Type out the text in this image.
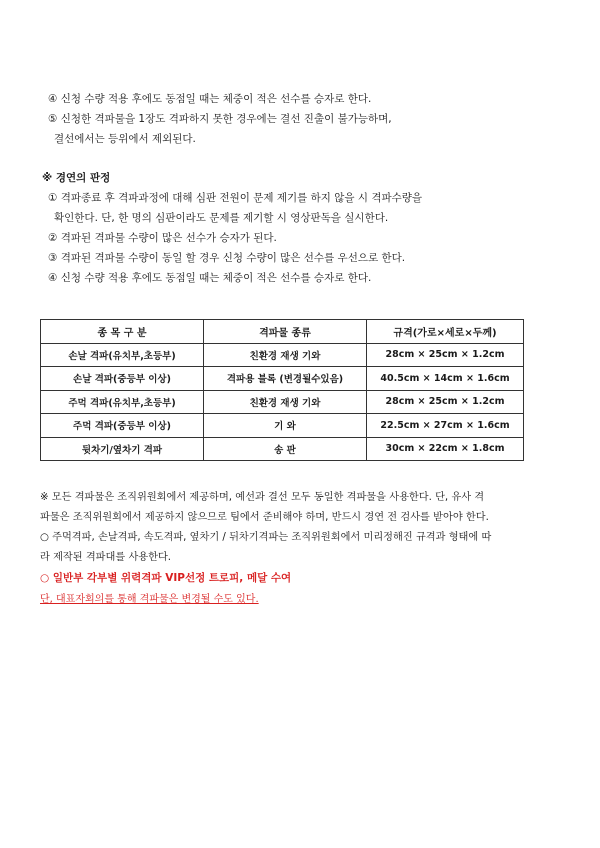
④ 신청 수량 적용 후에도 동점일 때는 체중이 적은 선수를 승자로 한다.
⑤ 신청한 격파물을 1장도 격파하지 못한 경우에는 결선 진출이 불가능하며,
결선에서는 등위에서 제외된다.
※ 경연의 판정
① 격파종료 후 격파과정에 대해 심판 전원이 문제 제기를 하지 않을 시 격파수량을
확인한다. 단, 한 명의 심판이라도 문제를 제기할 시 영상판독을 실시한다.
② 격파된 격파물 수량이 많은 선수가 승자가 된다.
③ 격파된 격파물 수량이 동일 할 경우 신청 수량이 많은 선수를 우선으로 한다.
④ 신청 수량 적용 후에도 동점일 때는 체중이 적은 선수를 승자로 한다.
종 목 구 분	격파물 종류	규격(가로×세로×두께)
손날 격파(유치부,초등부)	친환경 재생 기와	28cm × 25cm × 1.2cm
손날 격파(중등부 이상)	격파용 블록 (변경될수있음)	40.5cm × 14cm × 1.6cm
주먹 격파(유치부,초등부)	친환경 재생 기와	28cm × 25cm × 1.2cm
주먹 격파(중등부 이상)	기 와	22.5cm × 27cm × 1.6cm
뒷차기/옆차기 격파	송 판	30cm × 22cm × 1.8cm
※ 모든 격파물은 조직위원회에서 제공하며, 예선과 결선 모두 동일한 격파물을 사용한다. 단, 유사 격
파물은 조직위원회에서 제공하지 않으므로 팀에서 준비해야 하며, 반드시 경연 전 검사를 받아야 한다.
○ 주먹격파, 손날격파, 속도격파, 옆차기 / 뒤차기격파는 조직위원회에서 미리정해진 규격과 형태에 따
라 제작된 격파대를 사용한다.
○ 일반부 각부별 위력격파 VIP선정 트로피, 메달 수여
단, 대표자회의를 통해 격파물은 변경될 수도 있다.
